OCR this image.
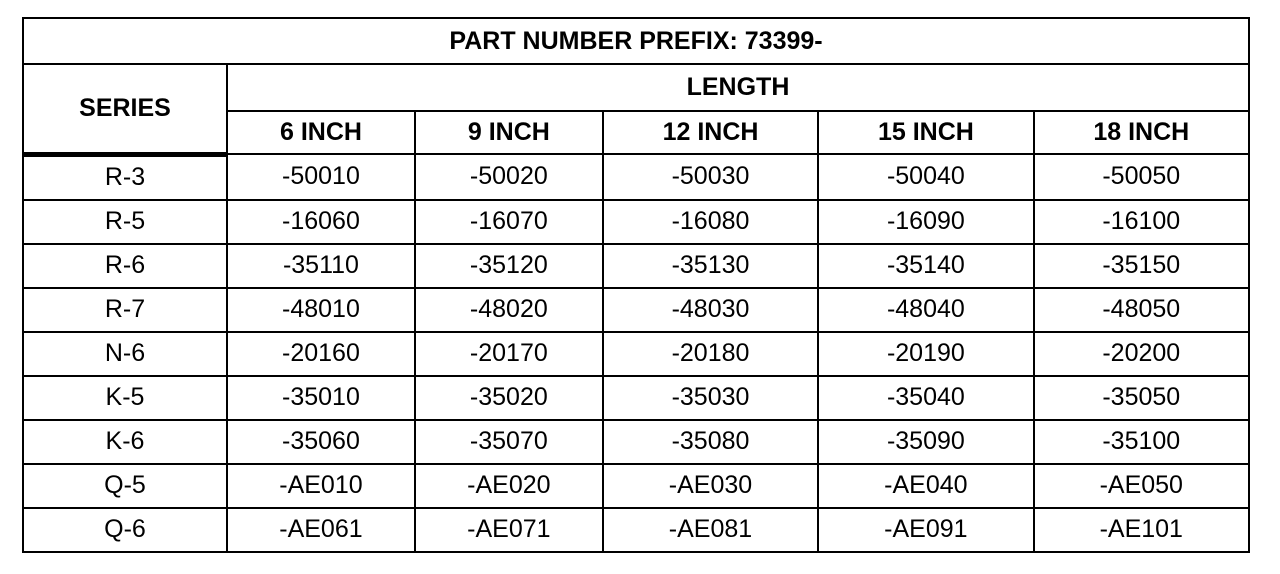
PART NUMBER PREFIX: 73399-					
SERIES	LENGTH				
	6 INCH	9 INCH	12 INCH	15 INCH	18 INCH
R-3	-50010	-50020	-50030	-50040	-50050
R-5	-16060	-16070	-16080	-16090	-16100
R-6	-35110	-35120	-35130	-35140	-35150
R-7	-48010	-48020	-48030	-48040	-48050
N-6	-20160	-20170	-20180	-20190	-20200
K-5	-35010	-35020	-35030	-35040	-35050
K-6	-35060	-35070	-35080	-35090	-35100
Q-5	-AE010	-AE020	-AE030	-AE040	-AE050
Q-6	-AE061	-AE071	-AE081	-AE091	-AE101
